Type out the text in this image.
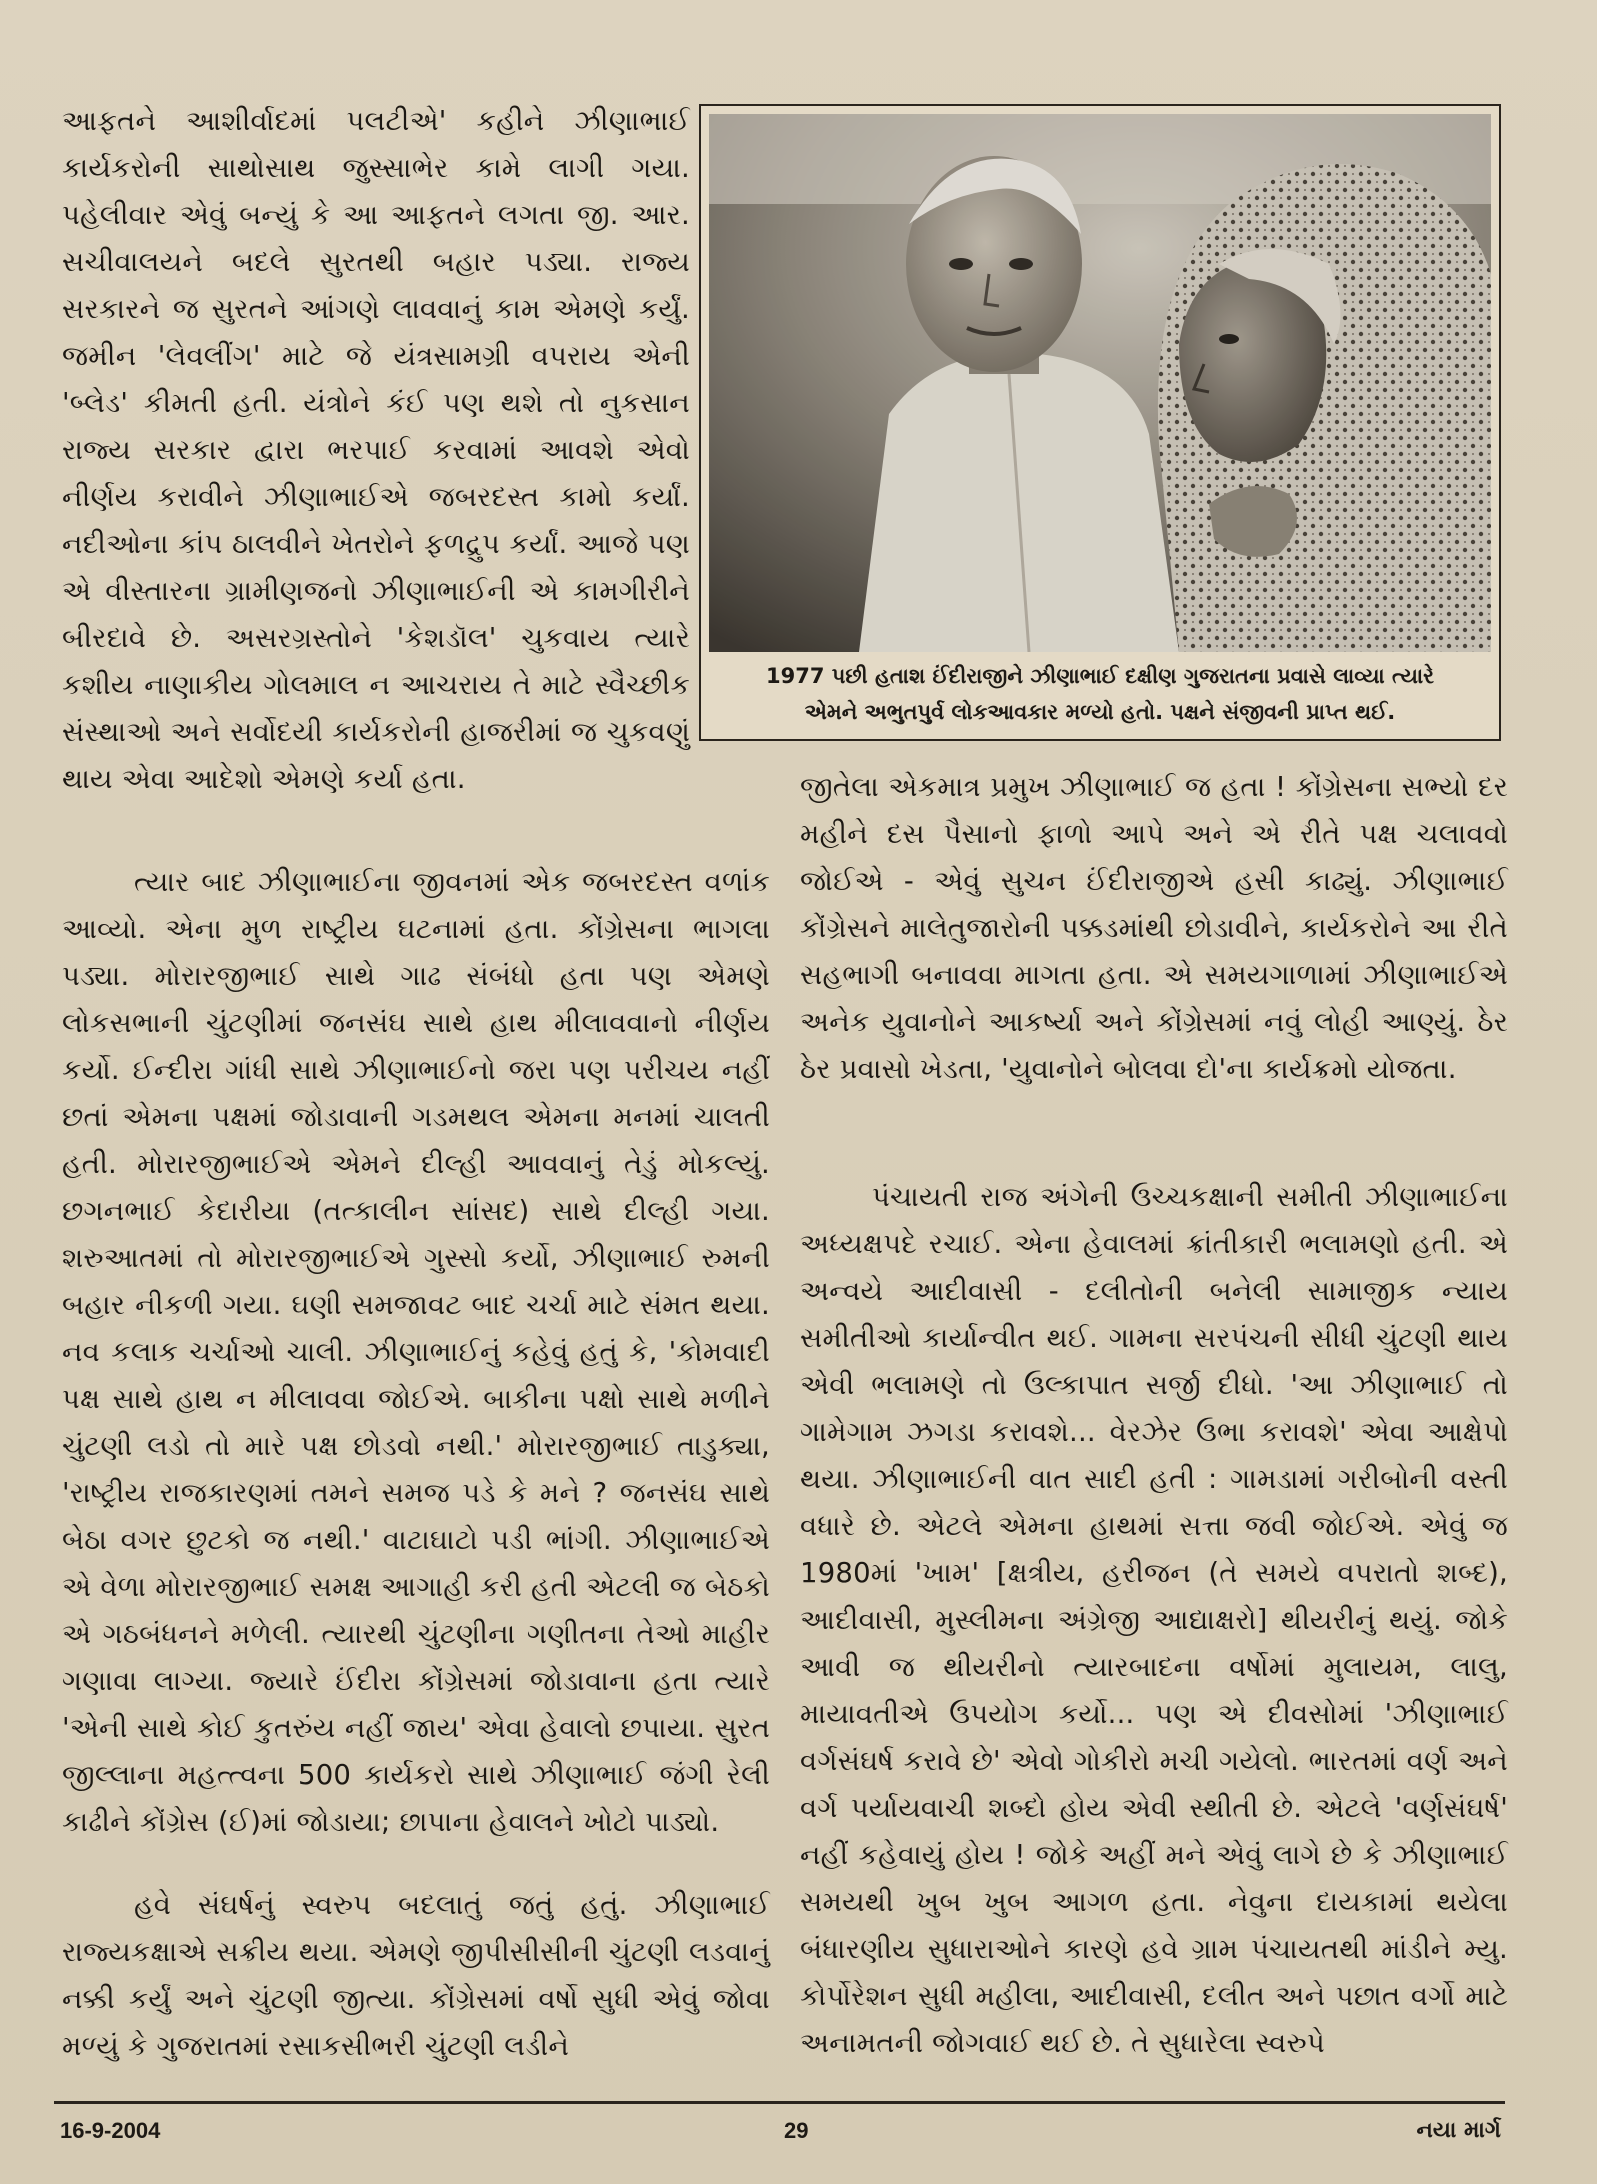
આફતને આશીર્વાદમાં પલટીએ' કહીને ઝીણાભાઈ કાર્યકરોની સાથોસાથ જુસ્સાભેર કામે લાગી ગયા. પહેલીવાર એવું બન્યું કે આ આફતને લગતા જી. આર. સચીવાલયને બદલે સુરતથી બહાર પડ્યા. રાજ્ય સરકારને જ સુરતને આંગણે લાવવાનું કામ એમણે કર્યું. જમીન 'લેવલીંગ' માટે જે યંત્રસામગ્રી વપરાય એની 'બ્લેડ' કીમતી હતી. યંત્રોને કંઈ પણ થશે તો નુકસાન રાજ્ય સરકાર દ્વારા ભરપાઈ કરવામાં આવશે એવો નીર્ણય કરાવીને ઝીણાભાઈએ જબરદસ્ત કામો કર્યાં. નદીઓના કાંપ ઠાલવીને ખેતરોને ફળદ્રુપ કર્યાં. આજે પણ એ વીસ્તારના ગ્રામીણજનો ઝીણાભાઈની એ કામગીરીને બીરદાવે છે. અસરગ્રસ્તોને 'કેશડૉલ' ચુકવાય ત્યારે કશીય નાણાકીય ગોલમાલ ન આચરાય તે માટે સ્વૈચ્છીક સંસ્થાઓ અને સર્વોદયી કાર્યકરોની હાજરીમાં જ ચુકવણું થાય એવા આદેશો એમણે કર્યા હતા.

1977 પછી હતાશ ઈંદીરાજીને ઝીણાભાઈ દક્ષીણ ગુજરાતના પ્રવાસે લાવ્યા ત્યારે
એમને અભુતપુર્વ લોકઆવકાર મળ્યો હતો. પક્ષને સંજીવની પ્રાપ્ત થઈ.

ત્યાર બાદ ઝીણાભાઈના જીવનમાં એક જબરદસ્ત વળાંક આવ્યો. એના મુળ રાષ્ટ્રીય ઘટનામાં હતા. કોંગ્રેસના ભાગલા પડ્યા. મોરારજીભાઈ સાથે ગાઢ સંબંધો હતા પણ એમણે લોકસભાની ચુંટણીમાં જનસંઘ સાથે હાથ મીલાવવાનો નીર્ણય કર્યો. ઈન્દીરા ગાંધી સાથે ઝીણાભાઈનો જરા પણ પરીચય નહીં છતાં એમના પક્ષમાં જોડાવાની ગડમથલ એમના મનમાં ચાલતી હતી. મોરારજીભાઈએ એમને દીલ્હી આવવાનું તેડું મોકલ્યું. છગનભાઈ કેદારીયા (તત્કાલીન સાંસદ) સાથે દીલ્હી ગયા. શરુઆતમાં તો મોરારજીભાઈએ ગુસ્સો કર્યો, ઝીણાભાઈ રુમની બહાર નીકળી ગયા. ઘણી સમજાવટ બાદ ચર્ચા માટે સંમત થયા. નવ કલાક ચર્ચાઓ ચાલી. ઝીણાભાઈનું કહેવું હતું કે, 'કોમવાદી પક્ષ સાથે હાથ ન મીલાવવા જોઈએ. બાકીના પક્ષો સાથે મળીને ચુંટણી લડો તો મારે પક્ષ છોડવો નથી.' મોરારજીભાઈ તાડુક્યા, 'રાષ્ટ્રીય રાજકારણમાં તમને સમજ પડે કે મને ? જનસંઘ સાથે બેઠા વગર છુટકો જ નથી.' વાટાઘાટો પડી ભાંગી. ઝીણાભાઈએ એ વેળા મોરારજીભાઈ સમક્ષ આગાહી કરી હતી એટલી જ બેઠકો એ ગઠબંધનને મળેલી. ત્યારથી ચુંટણીના ગણીતના તેઓ માહીર ગણાવા લાગ્યા. જ્યારે ઈંદીરા કોંગ્રેસમાં જોડાવાના હતા ત્યારે 'એની સાથે કોઈ કુતરુંય નહીં જાય' એવા હેવાલો છપાયા. સુરત જીલ્લાના મહત્ત્વના 500 કાર્યકરો સાથે ઝીણાભાઈ જંગી રેલી કાઢીને કોંગ્રેસ (ઈ)માં જોડાયા; છાપાના હેવાલને ખોટો પાડ્યો.

હવે સંઘર્ષનું સ્વરુપ બદલાતું જતું હતું. ઝીણાભાઈ રાજ્યકક્ષાએ સક્રીય થયા. એમણે જીપીસીસીની ચુંટણી લડવાનું નક્કી કર્યું અને ચુંટણી જીત્યા. કોંગ્રેસમાં વર્ષો સુધી એવું જોવા મળ્યું કે ગુજરાતમાં રસાકસીભરી ચુંટણી લડીને

જીતેલા એકમાત્ર પ્રમુખ ઝીણાભાઈ જ હતા ! કોંગ્રેસના સભ્યો દર મહીને દસ પૈસાનો ફાળો આપે અને એ રીતે પક્ષ ચલાવવો જોઈએ - એવું સુચન ઈંદીરાજીએ હસી કાઢ્યું. ઝીણાભાઈ કોંગ્રેસને માલેતુજારોની પક્કડમાંથી છોડાવીને, કાર્યકરોને આ રીતે સહભાગી બનાવવા માગતા હતા. એ સમયગાળામાં ઝીણાભાઈએ અનેક યુવાનોને આકર્ષ્યા અને કોંગ્રેસમાં નવું લોહી આણ્યું. ઠેર ઠેર પ્રવાસો ખેડતા, 'યુવાનોને બોલવા દો'ના કાર્યક્રમો યોજતા.

પંચાયતી રાજ અંગેની ઉચ્ચકક્ષાની સમીતી ઝીણાભાઈના અધ્યક્ષપદે રચાઈ. એના હેવાલમાં ક્રાંતીકારી ભલામણો હતી. એ અન્વયે આદીવાસી - દલીતોની બનેલી સામાજીક ન્યાય સમીતીઓ કાર્યાન્વીત થઈ. ગામના સરપંચની સીધી ચુંટણી થાય એવી ભલામણે તો ઉલ્કાપાત સર્જી દીધો. 'આ ઝીણાભાઈ તો ગામેગામ ઝગડા કરાવશે... વેરઝેર ઉભા કરાવશે' એવા આક્ષેપો થયા. ઝીણાભાઈની વાત સાદી હતી : ગામડામાં ગરીબોની વસ્તી વધારે છે. એટલે એમના હાથમાં સત્તા જવી જોઈએ. એવું જ 1980માં 'ખામ' [ક્ષત્રીય, હરીજન (તે સમયે વપરાતો શબ્દ), આદીવાસી, મુસ્લીમના અંગ્રેજી આદ્યાક્ષરો] થીયરીનું થયું. જોકે આવી જ થીયરીનો ત્યારબાદના વર્ષોમાં મુલાયમ, લાલુ, માયાવતીએ ઉપયોગ કર્યો... પણ એ દીવસોમાં 'ઝીણાભાઈ વર્ગસંઘર્ષ કરાવે છે' એવો ગોકીરો મચી ગયેલો. ભારતમાં વર્ણ અને વર્ગ પર્યાયવાચી શબ્દો હોય એવી સ્થીતી છે. એટલે 'વર્ણસંઘર્ષ' નહીં કહેવાયું હોય ! જોકે અહીં મને એવું લાગે છે કે ઝીણાભાઈ સમયથી ખુબ ખુબ આગળ હતા. નેવુના દાયકામાં થયેલા બંધારણીય સુધારાઓને કારણે હવે ગ્રામ પંચાયતથી માંડીને મ્યુ. કોર્પોરેશન સુધી મહીલા, આદીવાસી, દલીત અને પછાત વર્ગો માટે અનામતની જોગવાઈ થઈ છે. તે સુધારેલા સ્વરુપે

16-9-2004	29	નયા માર્ગ
